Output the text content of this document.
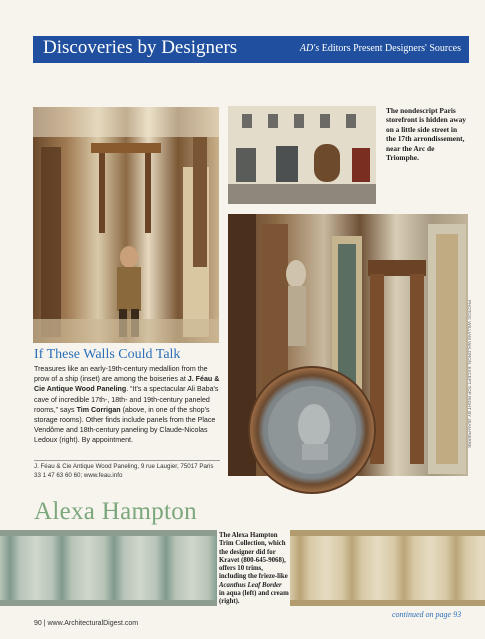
Discoveries by Designers	AD's Editors Present Designers' Sources
The nondescript Paris storefront is hidden away on a little side street in the 17th arrondissement, near the Arc de Triomphe.
If These Walls Could Talk
Treasures like an early-19th-century medallion from the prow of a ship (inset) are among the boiseries at J. Féau & Cie Antique Wood Paneling. “It's a spectacular Ali Baba's cave of incredible 17th-, 18th- and 19th-century paneled rooms,” says Tim Corrigan (above, in one of the shop's storage rooms). Other finds include panels from the Place Vendôme and 18th-century paneling by Claude-Nicolas Ledoux (right). By appointment.
J. Féau & Cie Antique Wood Paneling, 9 rue Laugier, 75017 Paris 33 1 47 63 60 60; www.feau.info
PHOTOS: WILLIAM WALDRON, EXCEPT TOP RIGHT BY JEAN-PIERRE
Alexa Hampton
The Alexa Hampton Trim Collection, which the designer did for Kravet (800-645-9068), offers 10 trims, including the frieze-like Acanthus Leaf Border in aqua (left) and cream (right).
continued on page 93
90 | www.ArchitecturalDigest.com
